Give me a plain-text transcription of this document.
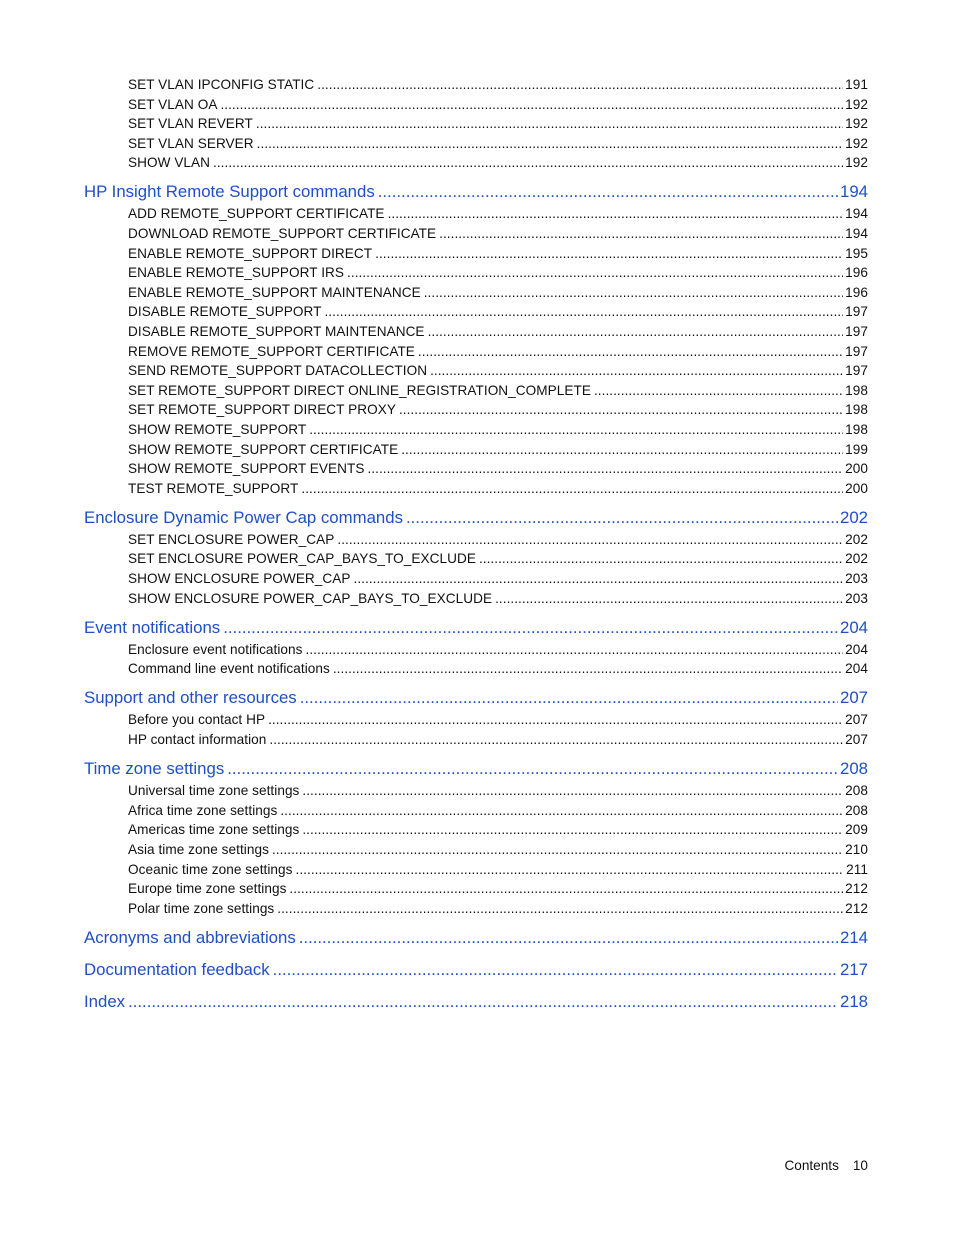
SET VLAN IPCONFIG STATIC .....	191
SET VLAN OA .....	192
SET VLAN REVERT .....	192
SET VLAN SERVER .....	192
SHOW VLAN .....	192
HP Insight Remote Support commands .....	194
ADD REMOTE_SUPPORT CERTIFICATE .....	194
DOWNLOAD REMOTE_SUPPORT CERTIFICATE .....	194
ENABLE REMOTE_SUPPORT DIRECT .....	195
ENABLE REMOTE_SUPPORT IRS .....	196
ENABLE REMOTE_SUPPORT MAINTENANCE .....	196
DISABLE REMOTE_SUPPORT .....	197
DISABLE REMOTE_SUPPORT MAINTENANCE .....	197
REMOVE REMOTE_SUPPORT CERTIFICATE .....	197
SEND REMOTE_SUPPORT DATACOLLECTION .....	197
SET REMOTE_SUPPORT DIRECT ONLINE_REGISTRATION_COMPLETE .....	198
SET REMOTE_SUPPORT DIRECT PROXY .....	198
SHOW REMOTE_SUPPORT .....	198
SHOW REMOTE_SUPPORT CERTIFICATE .....	199
SHOW REMOTE_SUPPORT EVENTS .....	200
TEST REMOTE_SUPPORT .....	200
Enclosure Dynamic Power Cap commands .....	202
SET ENCLOSURE POWER_CAP .....	202
SET ENCLOSURE POWER_CAP_BAYS_TO_EXCLUDE .....	202
SHOW ENCLOSURE POWER_CAP .....	203
SHOW ENCLOSURE POWER_CAP_BAYS_TO_EXCLUDE .....	203
Event notifications .....	204
Enclosure event notifications .....	204
Command line event notifications .....	204
Support and other resources .....	207
Before you contact HP .....	207
HP contact information .....	207
Time zone settings .....	208
Universal time zone settings .....	208
Africa time zone settings .....	208
Americas time zone settings .....	209
Asia time zone settings .....	210
Oceanic time zone settings .....	211
Europe time zone settings .....	212
Polar time zone settings .....	212
Acronyms and abbreviations .....	214
Documentation feedback .....	217
Index .....	218
Contents 10
